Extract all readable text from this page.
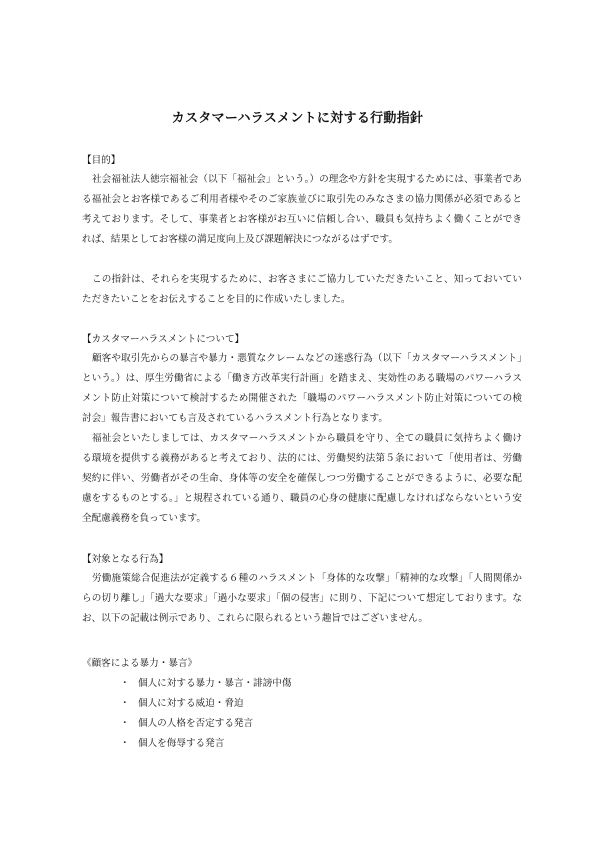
カスタマーハラスメントに対する行動指針
【目的】

社会福祉法人徳宗福祉会（以下「福祉会」という。）の理念や方針を実現するためには、事業者である福祉会とお客様であるご利用者様やそのご家族並びに取引先のみなさまの協力関係が必須であると考えております。そして、事業者とお客様がお互いに信頼し合い、職員も気持ちよく働くことができれば、結果としてお客様の満足度向上及び課題解決につながるはずです。

この指針は、それらを実現するために、お客さまにご協力していただきたいこと、知っておいていただきたいことをお伝えすることを目的に作成いたしました。

【カスタマーハラスメントについて】

顧客や取引先からの暴言や暴力・悪質なクレームなどの迷惑行為（以下「カスタマーハラスメント」という。）は、厚生労働省による「働き方改革実行計画」を踏まえ、実効性のある職場のパワーハラスメント防止対策について検討するため開催された「職場のパワーハラスメント防止対策についての検討会」報告書においても言及されているハラスメント行為となります。

福祉会といたしましては、カスタマーハラスメントから職員を守り、全ての職員に気持ちよく働ける環境を提供する義務があると考えており、法的には、労働契約法第５条において「使用者は、労働契約に伴い、労働者がその生命、身体等の安全を確保しつつ労働することができるように、必要な配慮をするものとする。」と規程されている通り、職員の心身の健康に配慮しなければならないという安全配慮義務を負っています。

【対象となる行為】

労働施策総合促進法が定義する６種のハラスメント「身体的な攻撃」「精神的な攻撃」「人間関係からの切り離し」「過大な要求」「過小な要求」「個の侵害」に則り、下記について想定しております。なお、以下の記載は例示であり、これらに限られるという趣旨ではございません。

《顧客による暴力・暴言》
・ 個人に対する暴力・暴言・誹謗中傷
・ 個人に対する威迫・脅迫
・ 個人の人格を否定する発言
・ 個人を侮辱する発言
